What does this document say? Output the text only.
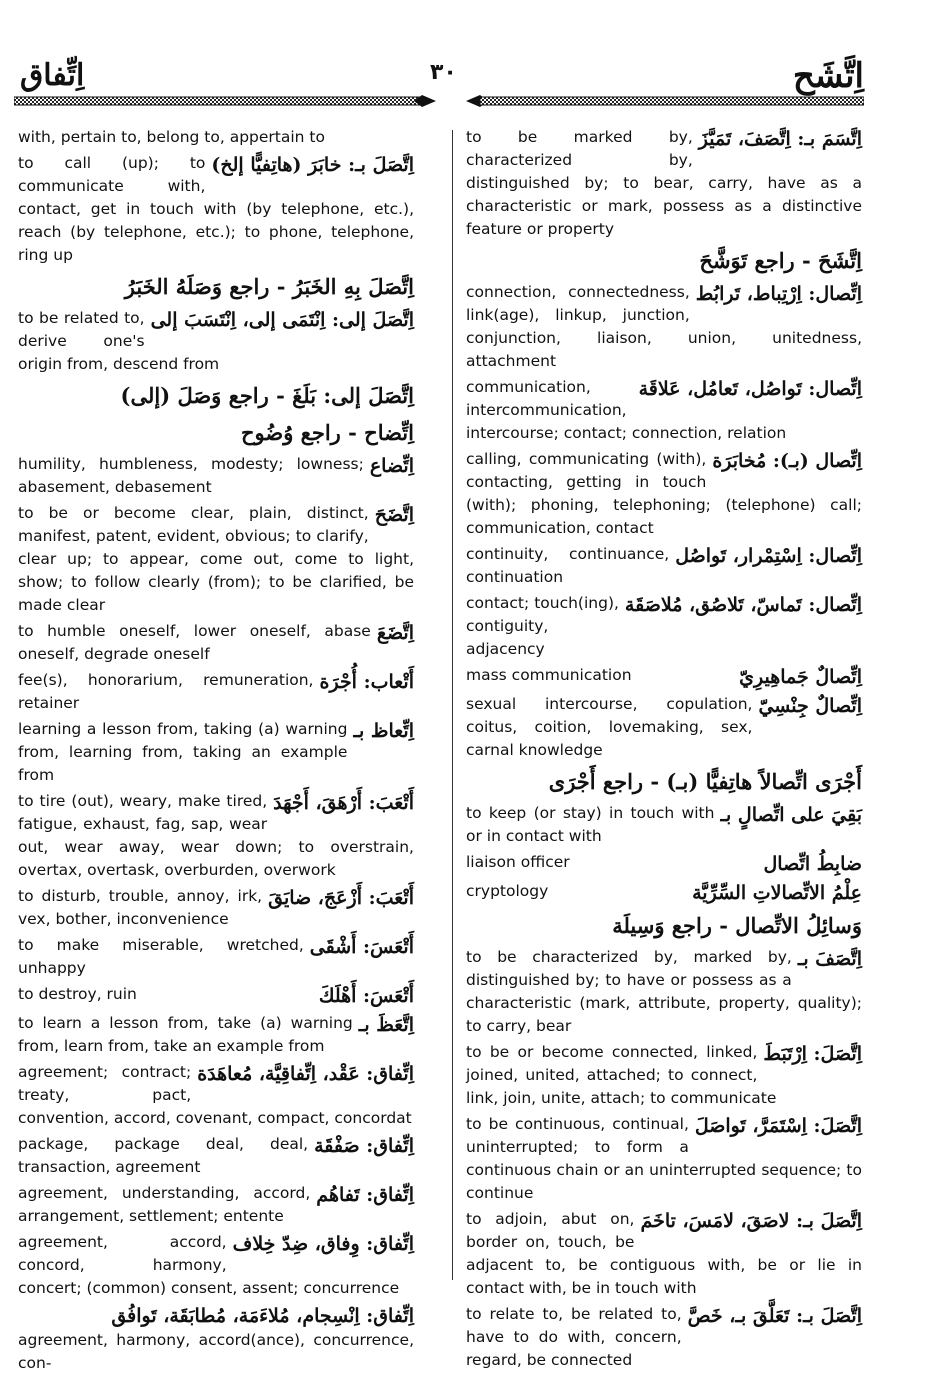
اِتِّفاق	٣٠	اِتَّشَح
with, pertain to, belong to, appertain to
اِتَّصَلَ بـ: خابَرَ (هاتِفيًّا إلخ)
to call (up); to communicate with, contact, get in touch with (by telephone, etc.), reach (by telephone, etc.); to phone, telephone, ring up
اِتَّصَلَ بِهِ الخَبَرُ - راجع وَصَلَهُ الخَبَرُ
اِتَّصَلَ إلى: اِنْتَمَى إلى، اِنْتَسَبَ إلى
to be related to, derive one's origin from, descend from
اِتَّصَلَ إلى: بَلَغَ - راجع وَصَلَ (إلى)
اِتِّضاح - راجع وُضُوح
اِتِّضاع
humility, humbleness, modesty; lowness; abasement, debasement
اِتَّضَحَ
to be or become clear, plain, distinct, manifest, patent, evident, obvious; to clarify, clear up; to appear, come out, come to light, show; to follow clearly (from); to be clarified, be made clear
اِتَّضَعَ
to humble oneself, lower oneself, abase oneself, degrade oneself
أَتْعاب: أُجْرَة
fee(s), honorarium, remuneration, retainer
اِتِّعاظ بـ
learning a lesson from, taking (a) warning from, learning from, taking an example from
أَتْعَبَ: أَرْهَقَ، أَجْهَدَ
to tire (out), weary, make tired, fatigue, exhaust, fag, sap, wear out, wear away, wear down; to overstrain, overtax, overtask, overburden, overwork
أَتْعَبَ: أَزْعَجَ، ضايَقَ
to disturb, trouble, annoy, irk, vex, bother, inconvenience
أَتْعَسَ: أَشْقَى
to make miserable, wretched, unhappy
أَتْعَسَ: أَهْلَكَ
to destroy, ruin
اِتَّعَظَ بـ
to learn a lesson from, take (a) warning from, learn from, take an example from
اِتِّفاق: عَقْد، اِتِّفاقِيَّة، مُعاهَدَة
agreement; contract; treaty, pact, convention, accord, covenant, compact, concordat
اِتِّفاق: صَفْقَة
package, package deal, deal, transaction, agreement
اِتِّفاق: تَفاهُم
agreement, understanding, accord, arrangement, settlement; entente
اِتِّفاق: وِفاق، ضِدّ خِلاف
agreement, accord, concord, harmony, concert; (common) consent, assent; concurrence
اِتِّفاق: اِنْسِجام، مُلاءَمَة، مُطابَقَة، تَوافُق
agreement, harmony, accord(ance), concurrence, con-
اِتَّسَمَ بـ: اِتَّصَفَ، تَمَيَّزَ
to be marked by, characterized by, distinguished by; to bear, carry, have as a characteristic or mark, possess as a distinctive feature or property
اِتَّشَحَ - راجع تَوَشَّحَ
اِتِّصال: اِرْتِباط، تَرابُط
connection, connectedness, link(age), linkup, junction, conjunction, liaison, union, unitedness, attachment
اِتِّصال: تَواصُل، تَعامُل، عَلاقَة
communication, intercommunication, intercourse; contact; connection, relation
اِتِّصال (بـ): مُخابَرَة
calling, communicating (with), contacting, getting in touch (with); phoning, telephoning; (telephone) call; communication, contact
اِتِّصال: اِسْتِمْرار، تَواصُل
continuity, continuance, continuation
اِتِّصال: تَماسّ، تَلاصُق، مُلاصَقَة
contact; touch(ing), contiguity, adjacency
اِتِّصالٌ جَماهِيرِيّ
mass communication
اِتِّصالٌ جِنْسِيّ
sexual intercourse, copulation, coitus, coition, lovemaking, sex, carnal knowledge
أَجْرَى اتِّصالاً هاتِفيًّا (بـ) - راجع أَجْرَى
بَقِيَ على اتِّصالٍ بـ
to keep (or stay) in touch with or in contact with
ضابِطُ اتِّصال
liaison officer
عِلْمُ الاتِّصالاتِ السِّرِّيَّة
cryptology
وَسائِلُ الاتِّصال - راجع وَسِيلَة
اِتَّصَفَ بـ
to be characterized by, marked by, distinguished by; to have or possess as a characteristic (mark, attribute, property, quality); to carry, bear
اِتَّصَلَ: اِرْتَبَطَ
to be or become connected, linked, joined, united, attached; to connect, link, join, unite, attach; to communicate
اِتَّصَلَ: اِسْتَمَرَّ، تَواصَلَ
to be continuous, continual, uninterrupted; to form a continuous chain or an uninterrupted sequence; to continue
اِتَّصَلَ بـ: لاصَقَ، لامَسَ، تاخَمَ
to adjoin, abut on, border on, touch, be adjacent to, be contiguous with, be or lie in contact with, be in touch with
اِتَّصَلَ بـ: تَعَلَّقَ بـ، خَصَّ
to relate to, be related to, have to do with, concern, regard, be connected
